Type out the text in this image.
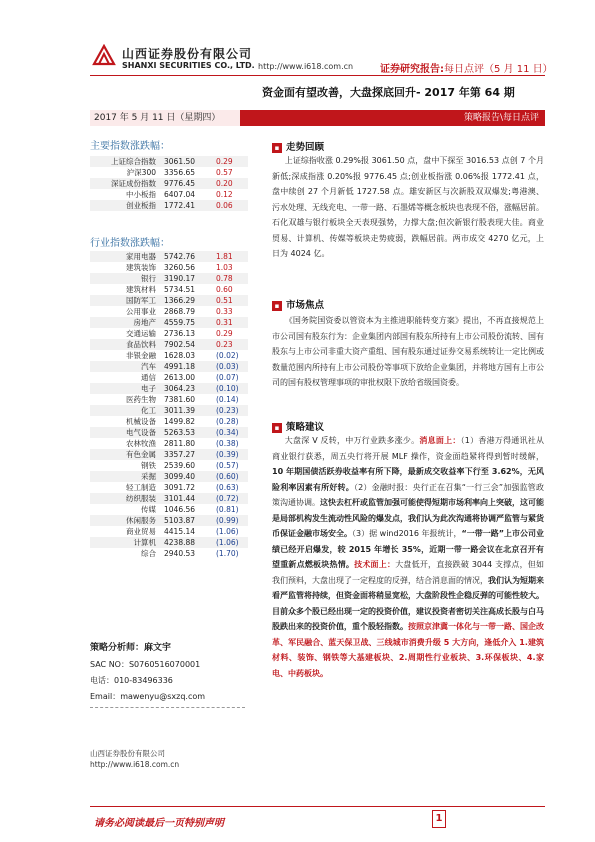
山西证券股份有限公司
SHANXI SECURITIES CO., LTD. http://www.i618.com.cn	证券研究报告:每日点评（5 月 11 日）
资金面有望改善，大盘探底回升- 2017 年第 64 期
2017 年 5 月 11 日（星期四）	策略报告\每日点评
主要指数涨跌幅：
上证综合指数	3061.50	0.29
沪深300	3356.65	0.57
深证成份指数	9776.45	0.20
中小板指	6407.04	0.12
创业板指	1772.41	0.06
行业指数涨跌幅：
家用电器	5742.76	1.81
建筑装饰	3260.56	1.03
银行	3190.17	0.78
建筑材料	5734.51	0.60
国防军工	1366.29	0.51
公用事业	2868.79	0.33
房地产	4559.75	0.31
交通运输	2736.13	0.29
食品饮料	7902.54	0.23
非银金融	1628.03	(0.02)
汽车	4991.18	(0.03)
通信	2613.00	(0.07)
电子	3064.23	(0.10)
医药生物	7381.60	(0.14)
化工	3011.39	(0.23)
机械设备	1499.82	(0.28)
电气设备	5263.53	(0.34)
农林牧渔	2811.80	(0.38)
有色金属	3357.27	(0.39)
钢铁	2539.60	(0.57)
采掘	3099.40	(0.60)
轻工制造	3091.72	(0.63)
纺织服装	3101.44	(0.72)
传媒	1046.56	(0.81)
休闲服务	5103.87	(0.99)
商业贸易	4415.14	(1.06)
计算机	4238.88	(1.06)
综合	2940.53	(1.70)
策略分析师：麻文宇
SAC NO：S0760516070001
电话：010-83496336
Email：mawenyu@sxzq.com
山西证券股份有限公司
http://www.i618.com.cn
▪ 走势回顾
上证综指收涨 0.29%报 3061.50 点，盘中下探至 3016.53 点创 7 个月新低;深成指涨 0.20%报 9776.45 点;创业板指涨 0.06%报 1772.41 点，盘中续创 27 个月新低 1727.58 点。雄安新区与次新股双双爆发;粤港澳、污水处理、无线充电、一带一路、石墨烯等概念板块也表现不俗，涨幅居前。石化双雄与银行板块全天表现强势，力撑大盘;但次新银行股表现大佳。商业贸易、计算机、传媒等板块走势疲弱，跌幅居前。两市成交 4270 亿元，上日为 4024 亿。
▪ 市场焦点
《国务院国资委以管资本为主推进职能转变方案》提出，不再直接规范上市公司国有股东行为：企业集团内部国有股东所持有上市公司股份流转、国有股东与上市公司非重大资产重组、国有股东通过证券交易系统转让一定比例或数量范围内所持有上市公司股份等事项下放给企业集团，并将地方国有上市公司的国有股权管理事项的审批权限下放给省级国资委。
▪ 策略建议
大盘深 V 反转，中万行业跌多涨少。消息面上：（1）香港万得通讯社从商业银行获悉，周五央行将开展 MLF 操作，资金面趋紧将得到暂时缓解，10 年期国债活跃券收益率有所下降，最新成交收益率下行至 3.62%，无风险利率因素有所好转。（2）金融时报：央行正在召集“一行三会”加强监管政策沟通协调。这快去杠杆或监管加强可能使得短期市场利率向上突破，这可能是局部机构发生流动性风险的爆发点，我们认为此次沟通将协调严监管与紧货币保证金融市场安全。（3）据 wind2016 年报统计，“一带一路”上市公司业绩已经开启爆发，较 2015 年增长 35%，近期一带一路会议在北京召开有望重新点燃板块热情。技术面上：大盘低开，直接跌破 3044 支撑点，但如我们预料，大盘出现了一定程度的反弹，结合消息面的情况，我们认为短期来看严监管将持续，但资金面将稍显宽松，大盘阶段性企稳反弹的可能性较大。目前众多个股已经出现一定的投资价值，建议投资者密切关注高成长股与白马股跌出来的投资价值，重个股轻指数。按照京津冀一体化与一带一路、国企改革、军民融合、蓝天保卫战、三线城市消费升级 5 大方向，逢低介入 1.建筑材料、装饰、钢铁等大基建板块、2.周期性行业板块、3.环保板块、4.家电、中药板块。
请务必阅读最后一页特别声明	1
